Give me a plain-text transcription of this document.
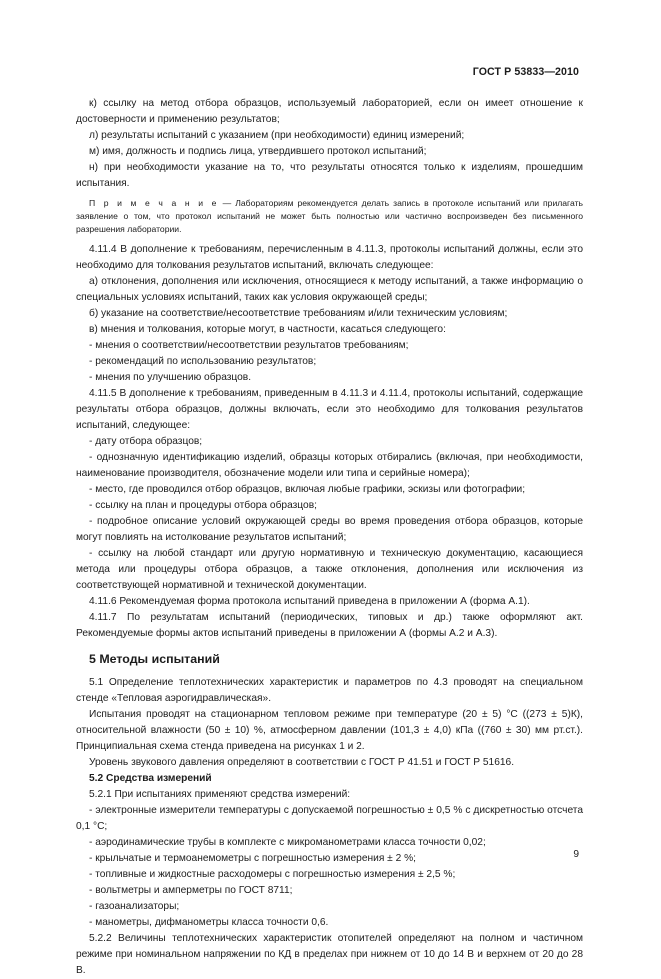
ГОСТ Р 53833—2010

к) ссылку на метод отбора образцов, используемый лабораторией, если он имеет отношение к достоверности и применению результатов;

л) результаты испытаний с указанием (при необходимости) единиц измерений;

м) имя, должность и подпись лица, утвердившего протокол испытаний;

н) при необходимости указание на то, что результаты относятся только к изделиям, прошедшим испытания.

П р и м е ч а н и е — Лабораториям рекомендуется делать запись в протоколе испытаний или прилагать заявление о том, что протокол испытаний не может быть полностью или частично воспроизведен без письменного разрешения лаборатории.

4.11.4 В дополнение к требованиям, перечисленным в 4.11.3, протоколы испытаний должны, если это необходимо для толкования результатов испытаний, включать следующее:

а) отклонения, дополнения или исключения, относящиеся к методу испытаний, а также информацию о специальных условиях испытаний, таких как условия окружающей среды;

б) указание на соответствие/несоответствие требованиям и/или техническим условиям;

в) мнения и толкования, которые могут, в частности, касаться следующего:

- мнения о соответствии/несоответствии результатов требованиям;

- рекомендаций по использованию результатов;

- мнения по улучшению образцов.

4.11.5 В дополнение к требованиям, приведенным в 4.11.3 и 4.11.4, протоколы испытаний, содержащие результаты отбора образцов, должны включать, если это необходимо для толкования результатов испытаний, следующее:

- дату отбора образцов;

- однозначную идентификацию изделий, образцы которых отбирались (включая, при необходимости, наименование производителя, обозначение модели или типа и серийные номера);

- место, где проводился отбор образцов, включая любые графики, эскизы или фотографии;

- ссылку на план и процедуры отбора образцов;

- подробное описание условий окружающей среды во время проведения отбора образцов, которые могут повлиять на истолкование результатов испытаний;

- ссылку на любой стандарт или другую нормативную и техническую документацию, касающиеся метода или процедуры отбора образцов, а также отклонения, дополнения или исключения из соответствующей нормативной и технической документации.

4.11.6 Рекомендуемая форма протокола испытаний приведена в приложении А (форма А.1).

4.11.7 По результатам испытаний (периодических, типовых и др.) также оформляют акт. Рекомендуемые формы актов испытаний приведены в приложении А (формы А.2 и А.3).

5 Методы испытаний

5.1 Определение теплотехнических характеристик и параметров по 4.3 проводят на специальном стенде «Тепловая аэрогидравлическая».

Испытания проводят на стационарном тепловом режиме при температуре (20 ± 5) °С ((273 ± 5)К), относительной влажности (50 ± 10) %, атмосферном давлении (101,3 ± 4,0) кПа ((760 ± 30) мм рт.ст.). Принципиальная схема стенда приведена на рисунках 1 и 2.

Уровень звукового давления определяют в соответствии с ГОСТ Р 41.51 и ГОСТ Р 51616.

5.2 Средства измерений

5.2.1 При испытаниях применяют средства измерений:

- электронные измерители температуры с допускаемой погрешностью ± 0,5 % с дискретностью отсчета 0,1 °С;

- аэродинамические трубы в комплекте с микроманометрами класса точности 0,02;

- крыльчатые и термоанемометры с погрешностью измерения ± 2 %;

- топливные и жидкостные расходомеры с погрешностью измерения ± 2,5 %;

- вольтметры и амперметры по ГОСТ 8711;

- газоанализаторы;

- манометры, дифманометры класса точности 0,6.

5.2.2 Величины теплотехнических характеристик отопителей определяют на полном и частичном режиме при номинальном напряжении по КД в пределах при нижнем от 10 до 14 В и верхнем от 20 до 28 В.

9
